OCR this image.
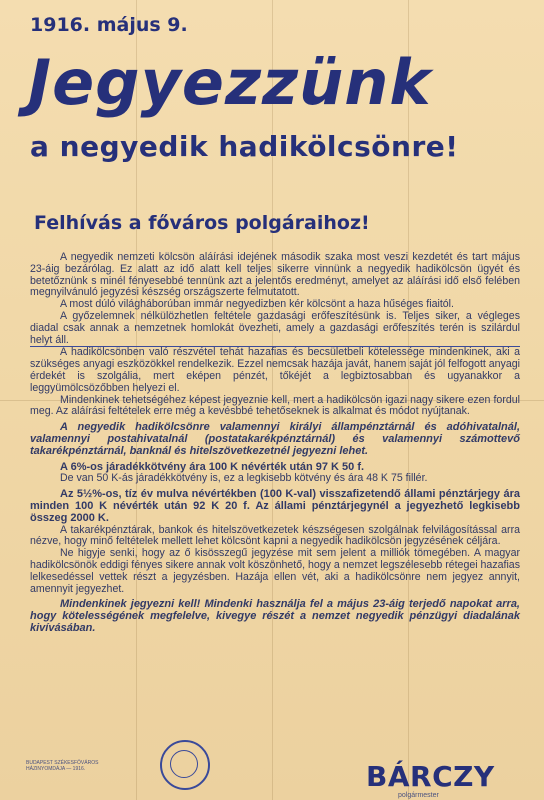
1916. május 9.
Jegyezzünk
a negyedik hadikölcsönre!
Felhívás a főváros polgáraihoz!

A negyedik nemzeti kölcsön aláírási idejének második szaka most veszi kezdetét és tart május 23-áig bezárólag. Ez alatt az idő alatt kell teljes sikerre vinnünk a negyedik hadikölcsön ügyét és betetőznünk s minél fényesebbé tennünk azt a jelentős eredményt, amelyet az aláírási idő első felében megnyilvánuló jegyzési készség országszerte felmutatott.

A most dúló világháborúban immár negyedizben kér kölcsönt a haza hűséges fiaitól.

A győzelemnek nélkülözhetlen feltétele gazdasági erőfeszítésünk is. Teljes siker, a végleges diadal csak annak a nemzetnek homlokát övezheti, amely a gazdasági erőfeszítés terén is szilárdul helyt áll.

A hadikölcsönben való részvétel tehát hazafias és becsületbeli kötelessége mindenkinek, aki a szükséges anyagi eszközökkel rendelkezik. Ezzel nemcsak hazája javát, hanem saját jól felfogott anyagi érdekét is szolgália, mert eképen pénzét, tőkéjét a legbiztosabban és ugyanakkor a leggyümölcsözőbben helyezi el.

Mindenkinek tehetségéhez képest jegyeznie kell, mert a hadikölcsön igazi nagy sikere ezen fordul meg. Az aláírási feltételek erre még a kevésbbé tehetőseknek is alkalmat és módot nyújtanak.

A negyedik hadikölcsönre valamennyi királyi állampénztárnál és adóhivatalnál, valamennyi postahivatalnál (postatakarékpénztárnál) és valamennyi számottevő takarékpénztárnál, banknál és hitelszövetkezetnél jegyezni lehet.

A 6%-os járadékkötvény ára 100 K névérték után 97 K 50 f.

De van 50 K-ás járadékkötvény is, ez a legkisebb kötvény és ára 48 K 75 fillér.

Az 5½%-os, tíz év mulva névértékben (100 K-val) visszafizetendő állami pénztárjegy ára minden 100 K névérték után 92 K 20 f. Az állami pénztárjegynél a jegyezhető legkisebb összeg 2000 K.

A takarékpénztárak, bankok és hitelszövetkezetek készségesen szolgálnak felvilágosítással arra nézve, hogy minő feltételek mellett lehet kölcsönt kapni a negyedik hadikölcsön jegyzésének céljára.

Ne higyje senki, hogy az ő kisösszegű jegyzése mit sem jelent a milliók tömegében. A magyar hadikölcsönök eddigi fényes sikere annak volt köszönhető, hogy a nemzet legszélesebb rétegei hazafias lelkesedéssel vettek részt a jegyzésben. Hazája ellen vét, aki a hadikölcsönre nem jegyez annyit, amennyit jegyezhet.

Mindenkinek jegyezni kell! Mindenki használja fel a május 23-áig terjedő napokat arra, hogy kötelességének megfelelve, kivegye részét a nemzet negyedik pénzügyi diadalának kivívásában.

BUDAPEST SZÉKESFŐVÁROS HÁZINYOMDÁJA — 1916.	BÁRCZY
polgármester
